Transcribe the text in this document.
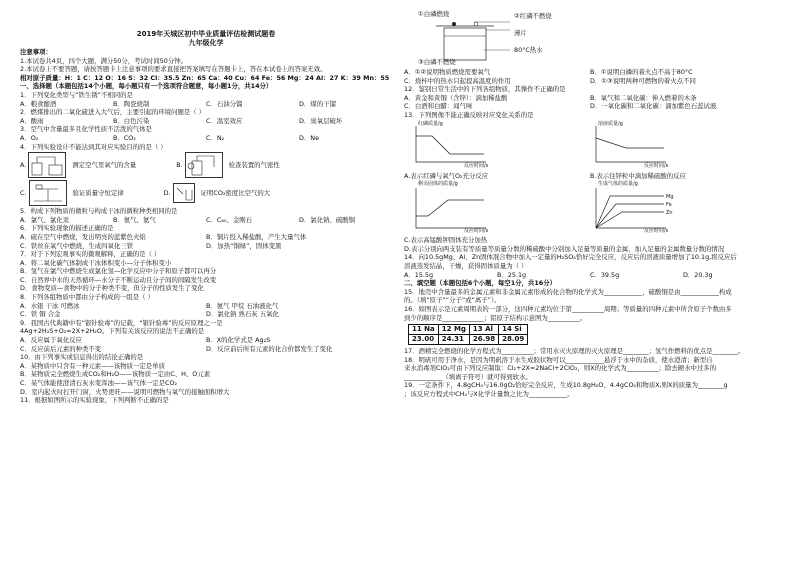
2019年天城区初中毕业质量评估检测试题卷
九年级化学
注意事项：
1.本试卷共4页，四个大题，满分50分，考试时间50分钟。
2.本试卷上不要答题，请按答题卡上注意事项的要求直接把答案填写在答题卡上，答在本试卷上的答案无效。
相对原子质量：H：1 C：12 O：16 S：32 Cl：35.5 Zn：65 Ca：40 Cu：64 Fe：56 Mg：24 Al：27 K：39 Mn：55
一、选择题（本题包括14个小题，每小题只有一个选项符合题意，每小题1分，共14分）
1．下列变化类型与“铁生锈”不相同的是
A．粮食酿酒	B．陶瓷烧制	C．石油分馏	D．煤的干馏
2．燃煤排出的二氧化硫进入大气后，主要引起的环境问题是（ ）
A．酸雨	B．白色污染	C．温室效应	D．臭氧层破坏
3．空气中含量最多且化学性质不活泼的气体是
A．O₂	B．CO₂	C．N₂	D．Ne
4．下列实验设计不能达到其对应实验目的的是（ ）
A.	测定空气里氧气的含量	B.	检查装置的气密性
C.	验证质量守恒定律	D.	证明CO₂密度比空气的大
5．构成下列物质的微粒与构成干冰的微粒种类相同的是
A．氯气、氯化汞	B．氨气、氦气	C．C₆₀、金刚石	D．氯化钠、硫酸铜
6．下列实验现象的描述正确的是
A．硫在空气中燃烧，发出明亮的蓝紫色火焰	B．铜片投入稀盐酸，产生大量气体
C．铁丝在氧气中燃烧，生成四氧化三铁	D．加热“铜绿”，固体变黑
7．对于下列宏观事实的微观解释，正确的是（ ）
A．将二氧化碳气体制成干冰体积变小—分子体积变小
B．氢气在氯气中燃烧生成氯化氢—化学反应中分子和原子都可以再分
C．自然界中水的天然循环—水分子不断运动且分子间的间隔发生改变
D．食物变质—食物中的分子种类不变，但分子的性质发生了变化
8．下列各组物质中都由分子构成的一组是（ ）
A．水银 干冰 可燃冰	B．氨气 甲烷 石油液化气
C．铁 铜 合金	D．氯化钠 熟石灰 五氧化
9．我国古代典籍中有“银针验毒”的记载，“银针验毒”的反应原理之一是
4Ag+2H₂S+O₂=2X+2H₂O。下列有关该反应的说法不正确的是
A．反应属于氧化反应	B．X的化学式是 Ag₂S
C．反应前后元素的种类不变	D．反应前后所有元素的化合价都发生了变化
10．由下列事实或信息得出的结论正确的是
A．某物质中只含有一种元素——该物质一定是单质
B．某物质完全燃烧生成CO₂和H₂O——该物质一定由C、H、O元素
C．某气体能使澄清石灰水变浑浊——该气体一定是CO₂
D．室内起火时打开门窗，火势更旺——说明可燃物与氧气的接触面积增大
11．根据如图所示的实验现象，下列判断不正确的是
①白磷燃烧	②红磷不燃烧
③白磷不燃烧
薄片
80°C热水
A．①②说明物质燃烧需要氧气	B．①说明白磷的着火点不高于80°C
C．烧杯中的热水只起提高温度的作用	D．①③说明两种可燃物的着火点不同
12．鉴别日常生活中的下列各组物质，其操作不正确的是
A．黄金和黄铜（含锌）：滴加稀盐酸	B．氧气和二氧化碳：伸入燃着的木条
C．白酒和白醋：闻气味	D．一氧化碳和二氧化碳：滴加紫色石蕊试液
13．下列图像不能正确反映对应变化关系的是
红磷质量/g
反应时间/s
溶液质量/g
反应时间/s
A.表示红磷与氧气O₂充分反应	B.表示往锌粒中滴加稀硫酸的反应
剩余固体的质量/g
反应时间/s
生成气体的质量/g
Mg
Fe
Zn
反应时间/s
C.表示高锰酸钾固体充分加热
D.表示分别向两支装有等质量等质量分数的稀硫酸中分别加入足量等质量的金属，加入足量的金属数量分数的情况
14．向10.5gMg、Al、Zn固体混合物中加入一定量的H₂SO₄恰好完全反应，反应后的溶液质量增加了10.1g,将反应后
溶液蒸发结晶，干燥，获得固体质量为（ ）
A．15.5g	B．25.1g	C．39.5g	D．20.3g
二、填空题（本题包括6个小题，每空1分，共16分）
15．地壳中含量最多的金属元素和非金属元素形成的化合物的化学式为____________，硫酸铜是由____________构成
的。（填“原子”“分子”或“离子”）。
16．如图表示是元素周期表的一部分，这四种元素均位于第__________周期；等质量的四种元素中所含原子个数由多
到少的顺序是_____________；铝原子结构示意图为__________。
11 Na	12 Mg	13 Al	14 Si
23.00	24.31	26.98	28.09
17．酒精完全燃烧的化学方程式为__________；常用水灭火原理的灭火原理是________；氢气作燃料的优点是________。
18．明矾可用于净水，是因为明矾溶于水生成胶状物可以____________悬浮于水中的杂质，使水澄清；新型自
来水消毒剂ClO₂可由下列反应制取：Cl₂+2X=2NaCl+2ClO₂，则X的化学式为__________；除去硬水中过多的
____________（填离子符号）就可得到软水。
19．一定条件下，4.8gCH₄与16.0gO₂恰好完全反应，生成10.8gH₂O、4.4gCO₂和物质X,则X的质量为________g
；该反应方程式中CH₄与X化学计量数之比为____________。
